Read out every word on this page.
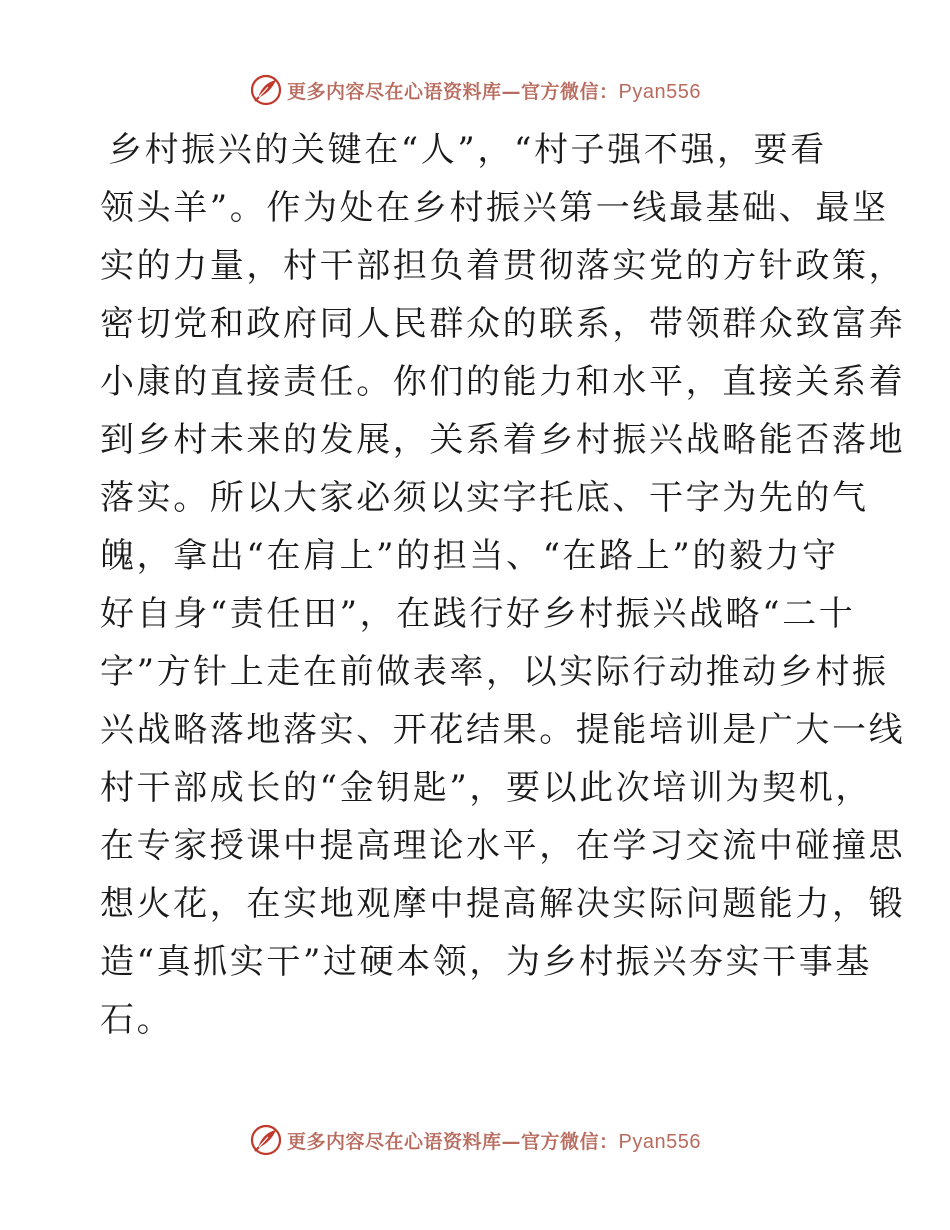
更多内容尽在心语资料库—官方微信：Pyan556
乡村振兴的关键在“人”，“村子强不强，要看
领头羊”。作为处在乡村振兴第一线最基础、最坚
实的力量，村干部担负着贯彻落实党的方针政策，
密切党和政府同人民群众的联系，带领群众致富奔
小康的直接责任。你们的能力和水平，直接关系着
到乡村未来的发展，关系着乡村振兴战略能否落地
落实。所以大家必须以实字托底、干字为先的气
魄，拿出“在肩上”的担当、“在路上”的毅力守
好自身“责任田”，在践行好乡村振兴战略“二十
字”方针上走在前做表率，以实际行动推动乡村振
兴战略落地落实、开花结果。提能培训是广大一线
村干部成长的“金钥匙”，要以此次培训为契机，
在专家授课中提高理论水平，在学习交流中碰撞思
想火花，在实地观摩中提高解决实际问题能力，锻
造“真抓实干”过硬本领，为乡村振兴夯实干事基
石。
更多内容尽在心语资料库—官方微信：Pyan556
